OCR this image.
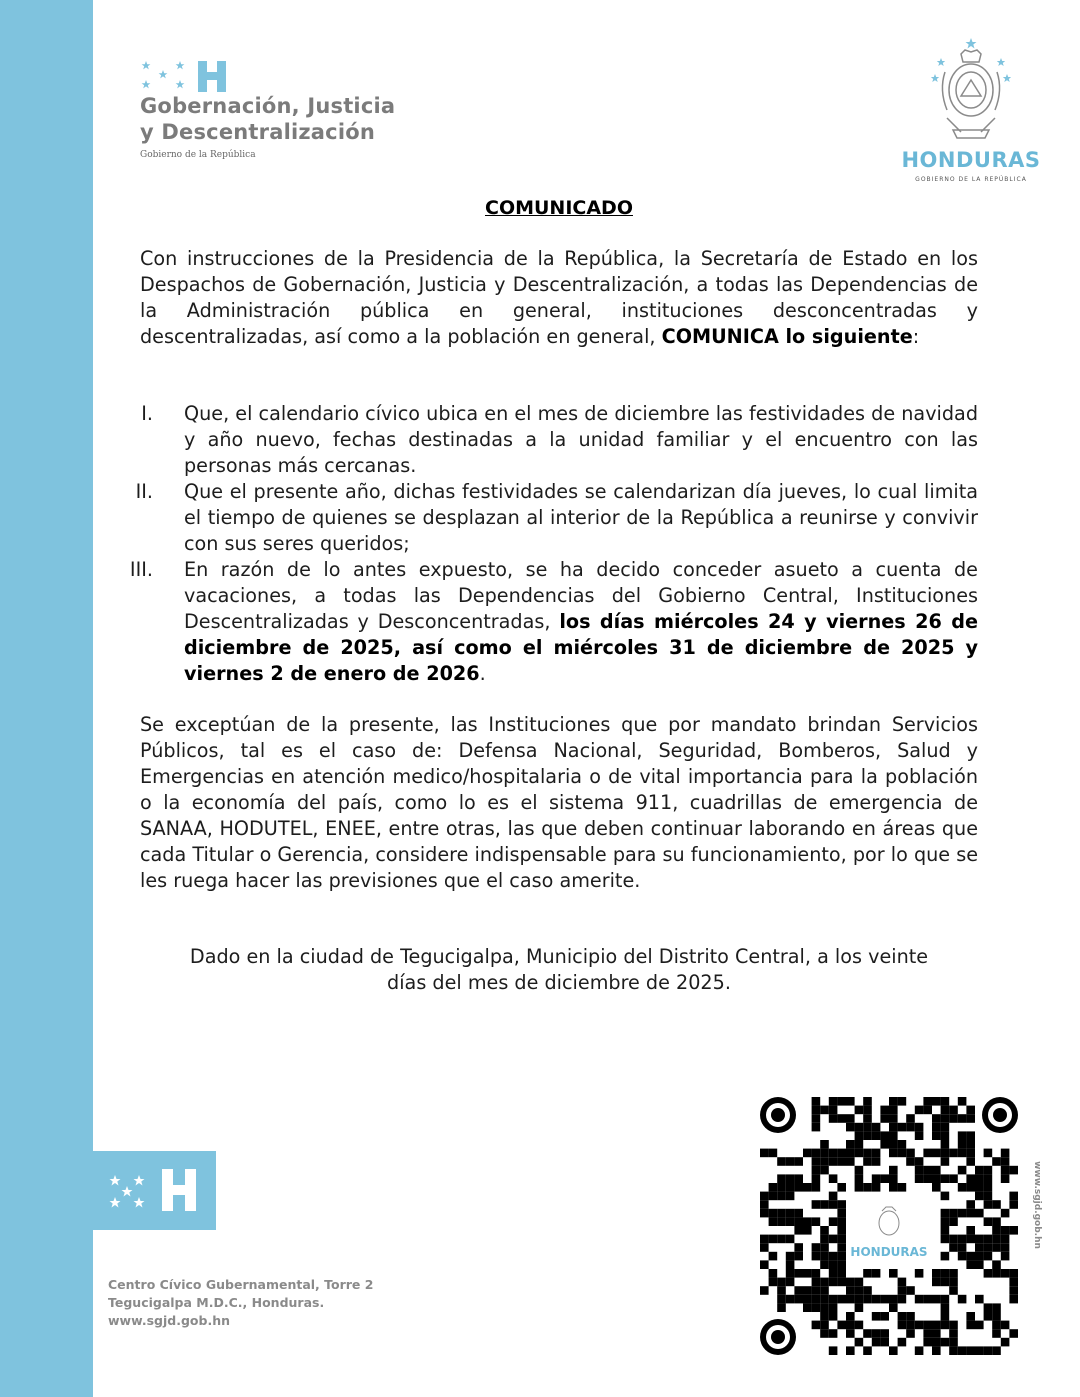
Gobernación, Justicia
y Descentralización
Gobierno de la República	HONDURAS
GOBIERNO DE LA REPÚBLICA
COMUNICADO
Con instrucciones de la Presidencia de la República, la Secretaría de Estado en los Despachos de Gobernación, Justicia y Descentralización, a todas las Dependencias de la Administración pública en general, instituciones desconcentradas y descentralizadas, así como a la población en general, COMUNICA lo siguiente:
I. Que, el calendario cívico ubica en el mes de diciembre las festividades de navidad y año nuevo, fechas destinadas a la unidad familiar y el encuentro con las personas más cercanas.
II. Que el presente año, dichas festividades se calendarizan día jueves, lo cual limita el tiempo de quienes se desplazan al interior de la República a reunirse y convivir con sus seres queridos;
III. En razón de lo antes expuesto, se ha decido conceder asueto a cuenta de vacaciones, a todas las Dependencias del Gobierno Central, Instituciones Descentralizadas y Desconcentradas, los días miércoles 24 y viernes 26 de diciembre de 2025, así como el miércoles 31 de diciembre de 2025 y viernes 2 de enero de 2026.
Se exceptúan de la presente, las Instituciones que por mandato brindan Servicios Públicos, tal es el caso de: Defensa Nacional, Seguridad, Bomberos, Salud y Emergencias en atención medico/hospitalaria o de vital importancia para la población o la economía del país, como lo es el sistema 911, cuadrillas de emergencia de SANAA, HODUTEL, ENEE, entre otras, las que deben continuar laborando en áreas que cada Titular o Gerencia, considere indispensable para su funcionamiento, por lo que se les ruega hacer las previsiones que el caso amerite.
Dado en la ciudad de Tegucigalpa, Municipio del Distrito Central, a los veinte
días del mes de diciembre de 2025.
Centro Cívico Gubernamental, Torre 2
Tegucigalpa M.D.C., Honduras.
www.sgjd.gob.hn
HONDURAS
www.sgjd.gob.hn
